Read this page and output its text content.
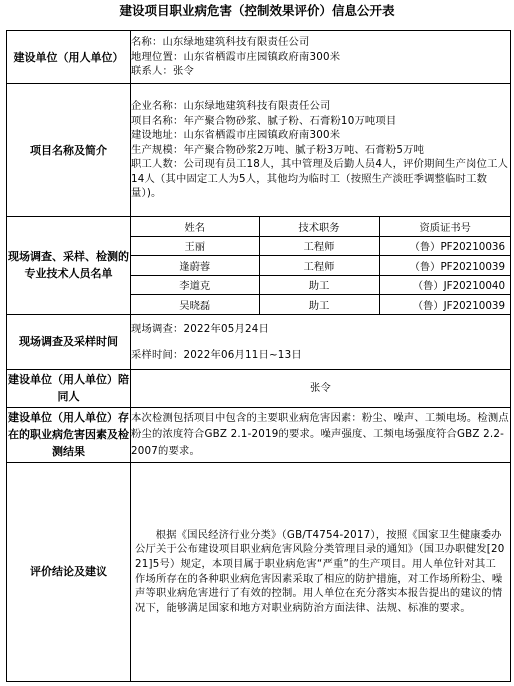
建设项目职业病危害（控制效果评价）信息公开表
建设单位（用人单位）	
名称：山东绿地建筑科技有限责任公司
地理位置：山东省栖霞市庄园镇政府南300米
联系人：张令

项目名称及简介	
企业名称：山东绿地建筑科技有限责任公司
项目名称：年产聚合物砂浆、腻子粉、石膏粉10万吨项目
建设地址：山东省栖霞市庄园镇政府南300米
生产规模：年产聚合物砂浆2万吨、腻子粉3万吨、石膏粉5万吨
职工人数：公司现有员工18人，其中管理及后勤人员4人，评价期间生产岗位工人14人（其中固定工人为5人，其他均为临时工（按照生产淡旺季调整临时工数量）)。

现场调查、采样、检测的专业技术人员名单	
姓名	技术职务	资质证书号
王丽	工程师	（鲁）PF20210036
逢蔚蓉	工程师	（鲁）PF20210039
李道克	助工	（鲁）JF20210040
吴晓磊	助工	（鲁）JF20210039

现场调查及采样时间	
现场调查：2022年05月24日
采样时间：2022年06月11日~13日

建设单位（用人单位）陪同人	张令
建设单位（用人单位）存在的职业病危害因素及检测结果	本次检测包括项目中包含的主要职业病危害因素：粉尘、噪声、工频电场。检测点粉尘的浓度符合GBZ 2.1-2019的要求。噪声强度、工频电场强度符合GBZ 2.2-2007的要求。
评价结论及建议	根据《国民经济行业分类》（GB/T4754-2017），按照《国家卫生健康委办公厅关于公布建设项目职业病危害风险分类管理目录的通知》（国卫办职健发[2021]5号）规定，本项目属于职业病危害“严重”的生产项目。用人单位针对其工作场所存在的各种职业病危害因素采取了相应的防护措施，对工作场所粉尘、噪声等职业病危害进行了有效的控制。用人单位在充分落实本报告提出的建议的情况下，能够满足国家和地方对职业病防治方面法律、法规、标准的要求。
